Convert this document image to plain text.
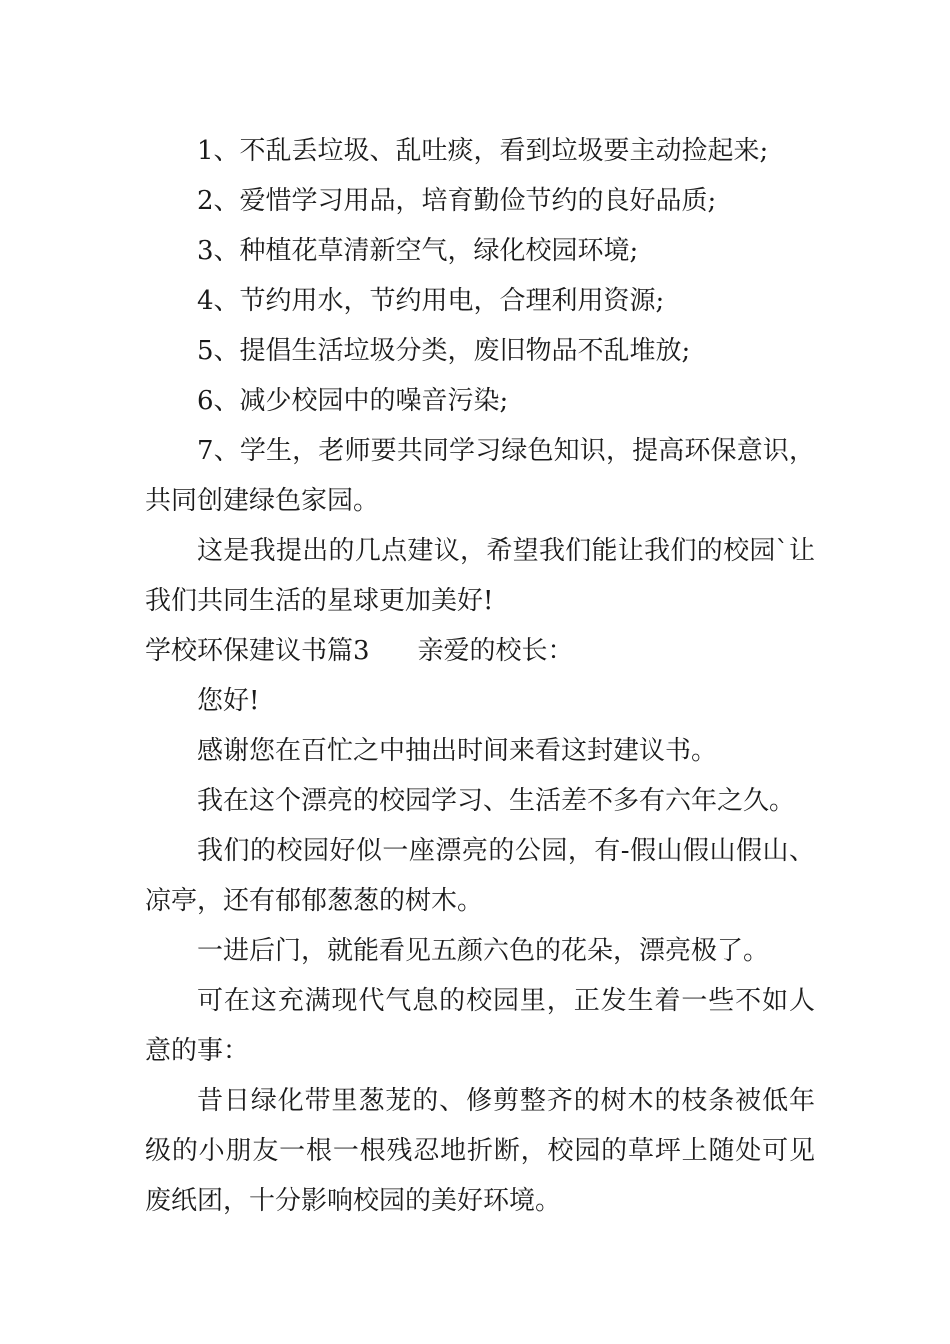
1、不乱丢垃圾、乱吐痰，看到垃圾要主动捡起来;

2、爱惜学习用品，培育勤俭节约的良好品质;

3、种植花草清新空气，绿化校园环境;

4、节约用水，节约用电，合理利用资源;

5、提倡生活垃圾分类，废旧物品不乱堆放;

6、减少校园中的噪音污染;

7、学生，老师要共同学习绿色知识，提高环保意识，共同创建绿色家园。

这是我提出的几点建议，希望我们能让我们的校园`让我们共同生活的星球更加美好!

学校环保建议书篇3 亲爱的校长：

您好!

感谢您在百忙之中抽出时间来看这封建议书。

我在这个漂亮的校园学习、生活差不多有六年之久。

我们的校园好似一座漂亮的公园，有-假山假山假山、凉亭，还有郁郁葱葱的树木。

一进后门，就能看见五颜六色的花朵，漂亮极了。

可在这充满现代气息的校园里，正发生着一些不如人意的事：

昔日绿化带里葱茏的、修剪整齐的树木的枝条被低年级的小朋友一根一根残忍地折断，校园的草坪上随处可见废纸团，十分影响校园的美好环境。
